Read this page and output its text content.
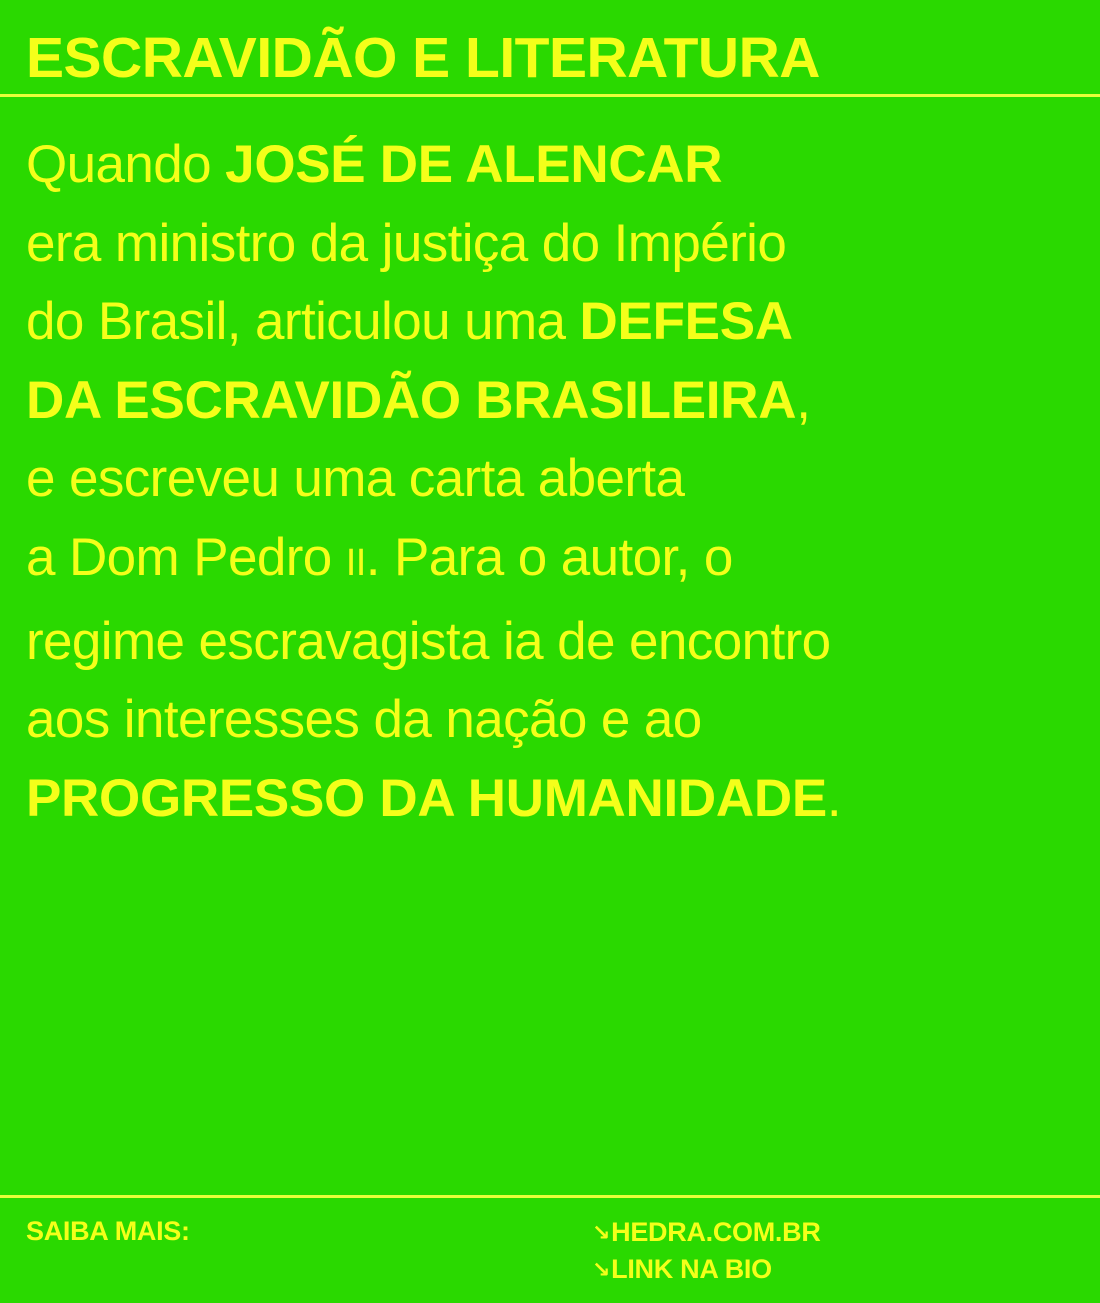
ESCRAVIDÃO E LITERATURA

Quando JOSÉ DE ALENCAR
era ministro da justiça do Império
do Brasil, articulou uma DEFESA
DA ESCRAVIDÃO BRASILEIRA,
e escreveu uma carta aberta
a Dom Pedro II. Para o autor, o
regime escravagista ia de encontro
aos interesses da nação e ao
PROGRESSO DA HUMANIDADE.

SAIBA MAIS:	↘HEDRA.COM.BR
↘LINK NA BIO
